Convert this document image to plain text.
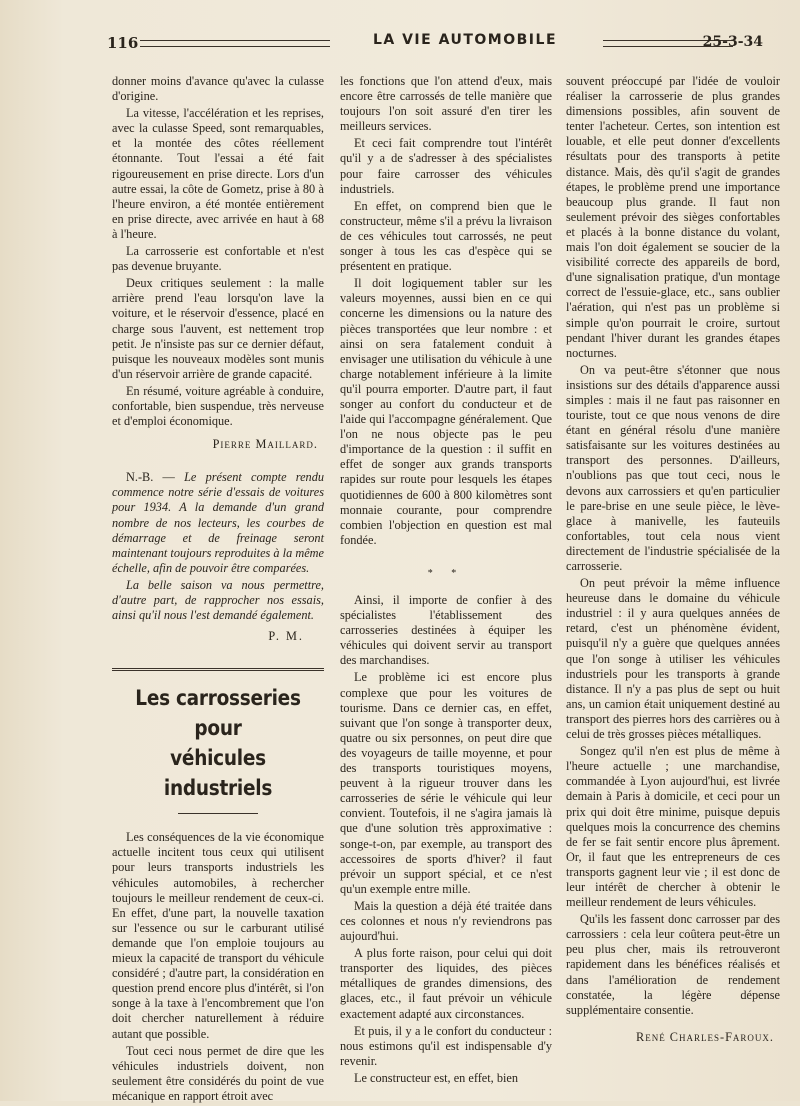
116	LA VIE AUTOMOBILE	25-3-34

donner moins d'avance qu'avec la culasse d'origine.

La vitesse, l'accélération et les reprises, avec la culasse Speed, sont remarquables, et la montée des côtes réellement étonnante. Tout l'essai a été fait rigoureusement en prise directe. Lors d'un autre essai, la côte de Gometz, prise à 80 à l'heure environ, a été montée entièrement en prise directe, avec arrivée en haut à 68 à l'heure.

La carrosserie est confortable et n'est pas devenue bruyante.

Deux critiques seulement : la malle arrière prend l'eau lorsqu'on lave la voiture, et le réservoir d'essence, placé en charge sous l'auvent, est nettement trop petit. Je n'insiste pas sur ce dernier défaut, puisque les nouveaux modèles sont munis d'un réservoir arrière de grande capacité.

En résumé, voiture agréable à conduire, confortable, bien suspendue, très nerveuse et d'emploi économique.

Pierre Maillard.

N.-B. — Le présent compte rendu commence notre série d'essais de voitures pour 1934. A la demande d'un grand nombre de nos lecteurs, les courbes de démarrage et de freinage seront maintenant toujours reproduites à la même échelle, afin de pouvoir être comparées.

La belle saison va nous permettre, d'autre part, de rapprocher nos essais, ainsi qu'il nous l'est demandé également.

P. M.

Les carrosseries pour
véhicules industriels

Les conséquences de la vie économique actuelle incitent tous ceux qui utilisent pour leurs transports industriels les véhicules automobiles, à rechercher toujours le meilleur rendement de ceux-ci. En effet, d'une part, la nouvelle taxation sur l'essence ou sur le carburant utilisé demande que l'on emploie toujours au mieux la capacité de transport du véhicule considéré ; d'autre part, la considération en question prend encore plus d'intérêt, si l'on songe à la taxe à l'encombrement que l'on doit chercher naturellement à réduire autant que possible.

Tout ceci nous permet de dire que les véhicules industriels doivent, non seulement être considérés du point de vue mécanique en rapport étroit avec

les fonctions que l'on attend d'eux, mais encore être carrossés de telle manière que toujours l'on soit assuré d'en tirer les meilleurs services.

Et ceci fait comprendre tout l'intérêt qu'il y a de s'adresser à des spécialistes pour faire carrosser des véhicules industriels.

En effet, on comprend bien que le constructeur, même s'il a prévu la livraison de ces véhicules tout carrossés, ne peut songer à tous les cas d'espèce qui se présentent en pratique.

Il doit logiquement tabler sur les valeurs moyennes, aussi bien en ce qui concerne les dimensions ou la nature des pièces transportées que leur nombre : et ainsi on sera fatalement conduit à envisager une utilisation du véhicule à une charge notablement inférieure à la limite qu'il pourra emporter. D'autre part, il faut songer au confort du conducteur et de l'aide qui l'accompagne généralement. Que l'on ne nous objecte pas le peu d'importance de la question : il suffit en effet de songer aux grands transports rapides sur route pour lesquels les étapes quotidiennes de 600 à 800 kilomètres sont monnaie courante, pour comprendre combien l'objection en question est mal fondée.

* *

Ainsi, il importe de confier à des spécialistes l'établissement des carrosseries destinées à équiper les véhicules qui doivent servir au transport des marchandises.

Le problème ici est encore plus complexe que pour les voitures de tourisme. Dans ce dernier cas, en effet, suivant que l'on songe à transporter deux, quatre ou six personnes, on peut dire que des voyageurs de taille moyenne, et pour des transports touristiques moyens, peuvent à la rigueur trouver dans les carrosseries de série le véhicule qui leur convient. Toutefois, il ne s'agira jamais là que d'une solution très approximative : songe-t-on, par exemple, au transport des accessoires de sports d'hiver? il faut prévoir un support spécial, et ce n'est qu'un exemple entre mille.

Mais la question a déjà été traitée dans ces colonnes et nous n'y reviendrons pas aujourd'hui.

A plus forte raison, pour celui qui doit transporter des liquides, des pièces métalliques de grandes dimensions, des glaces, etc., il faut prévoir un véhicule exactement adapté aux circonstances.

Et puis, il y a le confort du conducteur : nous estimons qu'il est indispensable d'y revenir.

Le constructeur est, en effet, bien

souvent préoccupé par l'idée de vouloir réaliser la carrosserie de plus grandes dimensions possibles, afin souvent de tenter l'acheteur. Certes, son intention est louable, et elle peut donner d'excellents résultats pour des transports à petite distance. Mais, dès qu'il s'agit de grandes étapes, le problème prend une importance beaucoup plus grande. Il faut non seulement prévoir des sièges confortables et placés à la bonne distance du volant, mais l'on doit également se soucier de la visibilité correcte des appareils de bord, d'une signalisation pratique, d'un montage correct de l'essuie-glace, etc., sans oublier l'aération, qui n'est pas un problème si simple qu'on pourrait le croire, surtout pendant l'hiver durant les grandes étapes nocturnes.

On va peut-être s'étonner que nous insistions sur des détails d'apparence aussi simples : mais il ne faut pas raisonner en touriste, tout ce que nous venons de dire étant en général résolu d'une manière satisfaisante sur les voitures destinées au transport des personnes. D'ailleurs, n'oublions pas que tout ceci, nous le devons aux carrossiers et qu'en particulier le pare-brise en une seule pièce, le lève-glace à manivelle, les fauteuils confortables, tout cela nous vient directement de l'industrie spécialisée de la carrosserie.

On peut prévoir la même influence heureuse dans le domaine du véhicule industriel : il y aura quelques années de retard, c'est un phénomène évident, puisqu'il n'y a guère que quelques années que l'on songe à utiliser les véhicules industriels pour les transports à grande distance. Il n'y a pas plus de sept ou huit ans, un camion était uniquement destiné au transport des pierres hors des carrières ou à celui de très grosses pièces métalliques.

Songez qu'il n'en est plus de même à l'heure actuelle ; une marchandise, commandée à Lyon aujourd'hui, est livrée demain à Paris à domicile, et ceci pour un prix qui doit être minime, puisque depuis quelques mois la concurrence des chemins de fer se fait sentir encore plus âprement. Or, il faut que les entrepreneurs de ces transports gagnent leur vie ; il est donc de leur intérêt de chercher à obtenir le meilleur rendement de leurs véhicules.

Qu'ils les fassent donc carrosser par des carrossiers : cela leur coûtera peut-être un peu plus cher, mais ils retrouveront rapidement dans les bénéfices réalisés et dans l'amélioration de rendement constatée, la légère dépense supplémentaire consentie.

René Charles-Faroux.
